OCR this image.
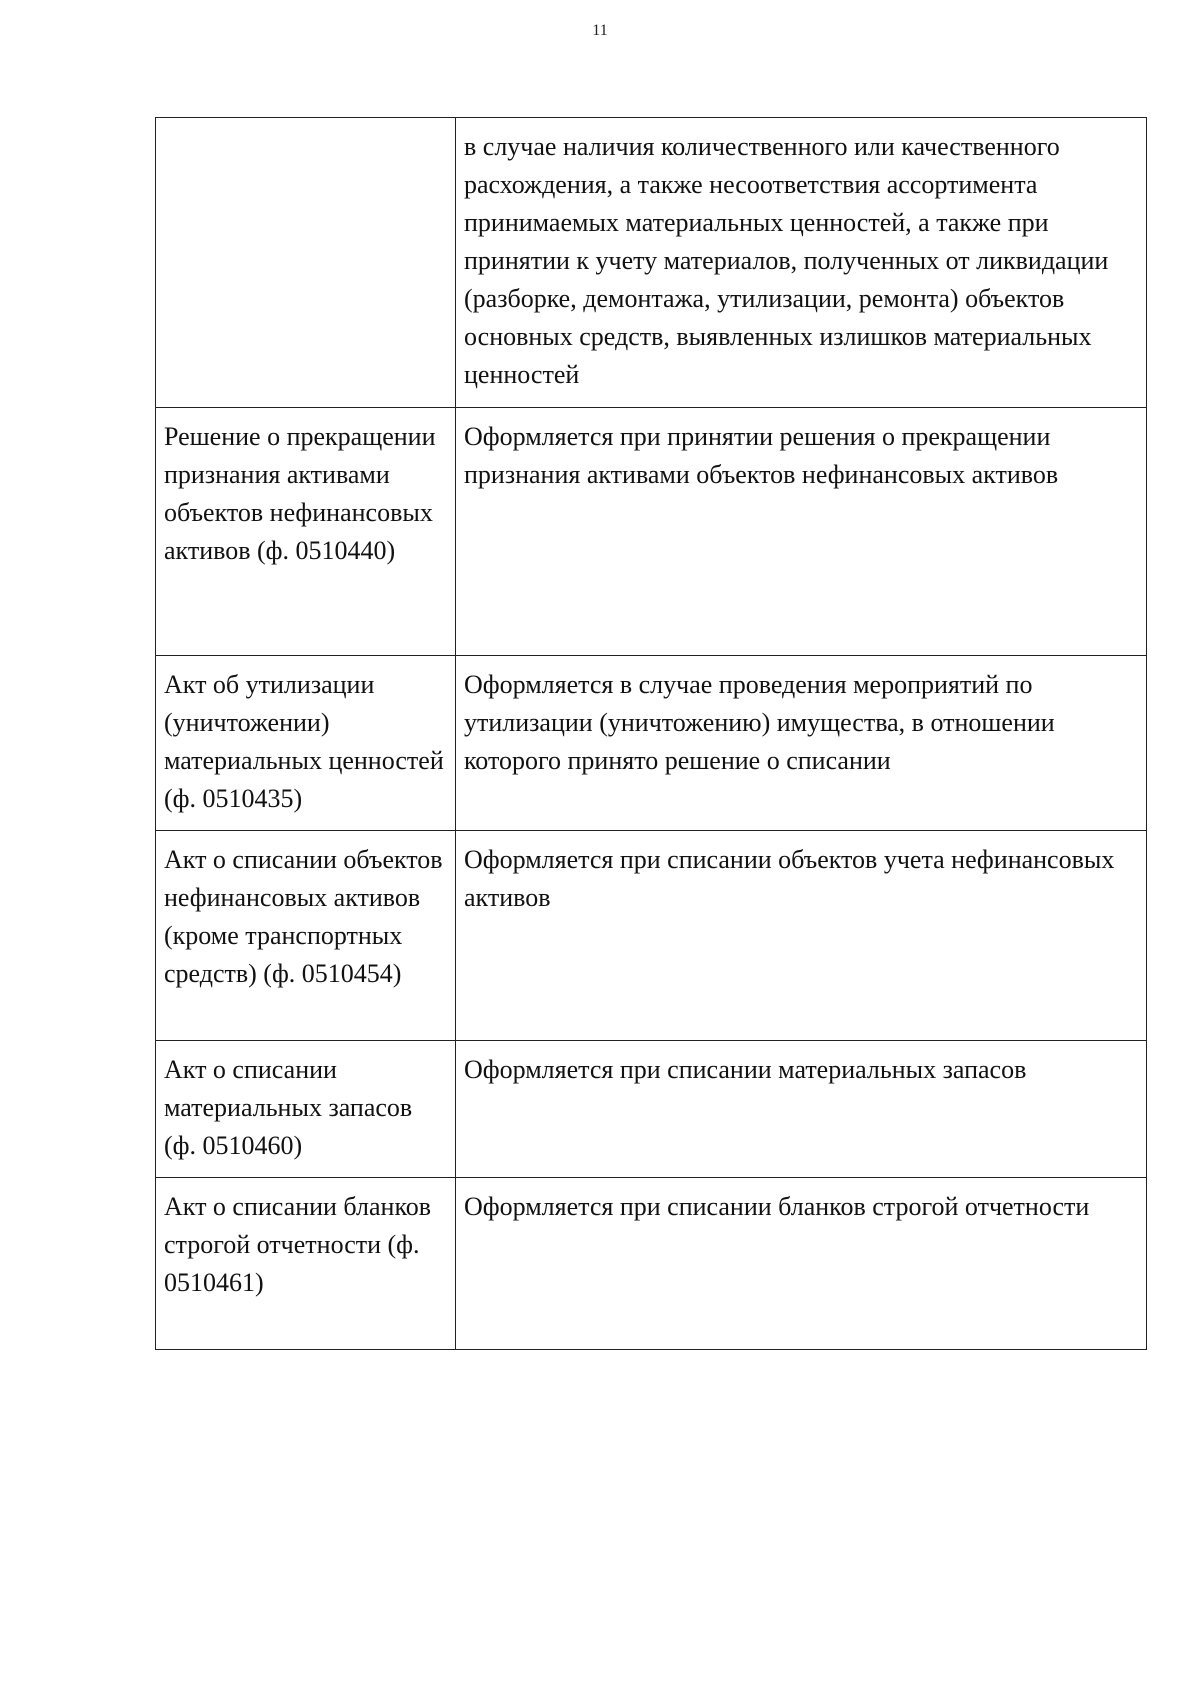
11
	в случае наличия количественного или качественного расхождения, а также несоответствия ассортимента принимаемых материальных ценностей, а также при принятии к учету материалов, полученных от ликвидации (разборке, демонтажа, утилизации, ремонта) объектов основных средств, выявленных излишков материальных ценностей
Решение о прекращении признания активами объектов нефинансовых активов (ф. 0510440)	Оформляется при принятии решения о прекращении признания активами объектов нефинансовых активов
Акт об утилизации (уничтожении) материальных ценностей (ф. 0510435)	Оформляется в случае проведения мероприятий по утилизации (уничтожению) имущества, в отношении которого принято решение о списании
Акт о списании объектов нефинансовых активов (кроме транспортных средств) (ф. 0510454)	Оформляется при списании объектов учета нефинансовых активов
Акт о списании материальных запасов (ф. 0510460)	Оформляется при списании материальных запасов
Акт о списании бланков строгой отчетности (ф. 0510461)	Оформляется при списании бланков строгой отчетности
